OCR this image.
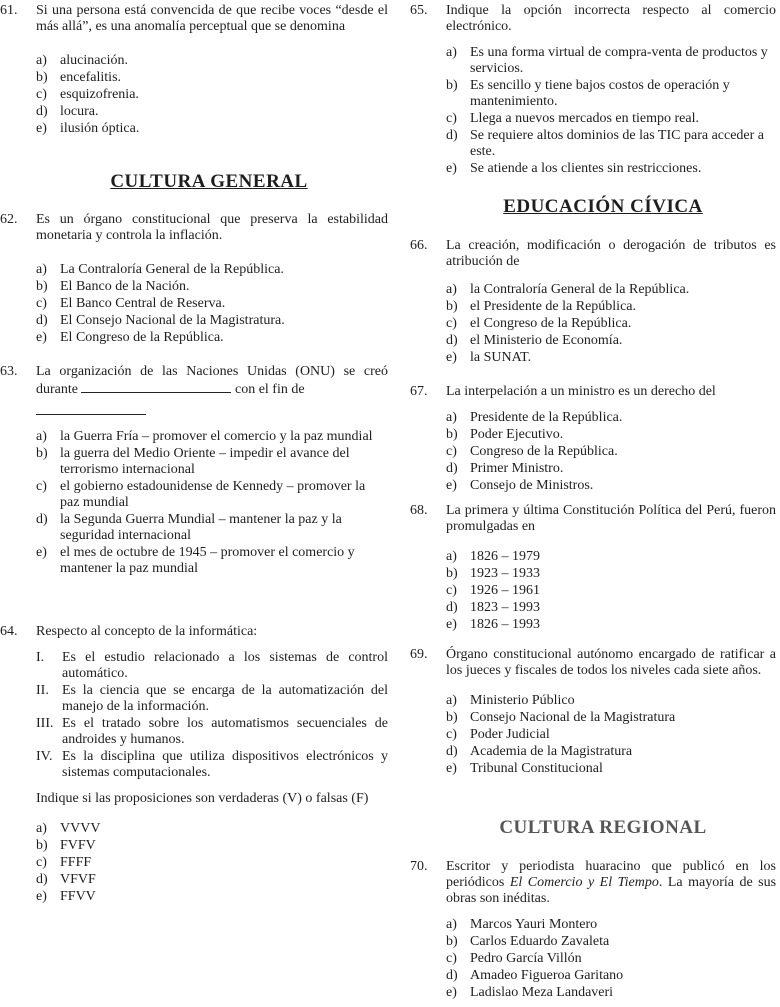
61. Si una persona está convencida de que recibe voces “desde el más allá”, es una anomalía perceptual que se denomina
a) alucinación.
b) encefalitis.
c) esquizofrenia.
d) locura.
e) ilusión óptica.
CULTURA GENERAL
62. Es un órgano constitucional que preserva la estabilidad monetaria y controla la inflación.
a) La Contraloría General de la República.
b) El Banco de la Nación.
c) El Banco Central de Reserva.
d) El Consejo Nacional de la Magistratura.
e) El Congreso de la República.
63. La organización de las Naciones Unidas (ONU) se creó durante	con el fin de
a) la Guerra Fría – promover el comercio y la paz mundial
b) la guerra del Medio Oriente – impedir el avance del terrorismo internacional
c) el gobierno estadounidense de Kennedy – promover la paz mundial
d) la Segunda Guerra Mundial – mantener la paz y la seguridad internacional
e) el mes de octubre de 1945 – promover el comercio y mantener la paz mundial
64. Respecto al concepto de la informática:
I. Es el estudio relacionado a los sistemas de control automático.
II. Es la ciencia que se encarga de la automatización del manejo de la información.
III. Es el tratado sobre los automatismos secuenciales de androides y humanos.
IV. Es la disciplina que utiliza dispositivos electrónicos y sistemas computacionales.
Indique si las proposiciones son verdaderas (V) o falsas (F)
a) VVVV
b) FVFV
c) FFFF
d) VFVF
e) FFVV
65. Indique la opción incorrecta respecto al comercio electrónico.
a) Es una forma virtual de compra-venta de productos y servicios.
b) Es sencillo y tiene bajos costos de operación y mantenimiento.
c) Llega a nuevos mercados en tiempo real.
d) Se requiere altos dominios de las TIC para acceder a este.
e) Se atiende a los clientes sin restricciones.
EDUCACIÓN CÍVICA
66. La creación, modificación o derogación de tributos es atribución de
a) la Contraloría General de la República.
b) el Presidente de la República.
c) el Congreso de la República.
d) el Ministerio de Economía.
e) la SUNAT.
67. La interpelación a un ministro es un derecho del
a) Presidente de la República.
b) Poder Ejecutivo.
c) Congreso de la República.
d) Primer Ministro.
e) Consejo de Ministros.
68. La primera y última Constitución Política del Perú, fueron promulgadas en
a) 1826 – 1979
b) 1923 – 1933
c) 1926 – 1961
d) 1823 – 1993
e) 1826 – 1993
69. Órgano constitucional autónomo encargado de ratificar a los jueces y fiscales de todos los niveles cada siete años.
a) Ministerio Público
b) Consejo Nacional de la Magistratura
c) Poder Judicial
d) Academia de la Magistratura
e) Tribunal Constitucional
CULTURA REGIONAL
70. Escritor y periodista huaracino que publicó en los periódicos El Comercio y El Tiempo. La mayoría de sus obras son inéditas.
a) Marcos Yauri Montero
b) Carlos Eduardo Zavaleta
c) Pedro García Villón
d) Amadeo Figueroa Garitano
e) Ladislao Meza Landaveri
